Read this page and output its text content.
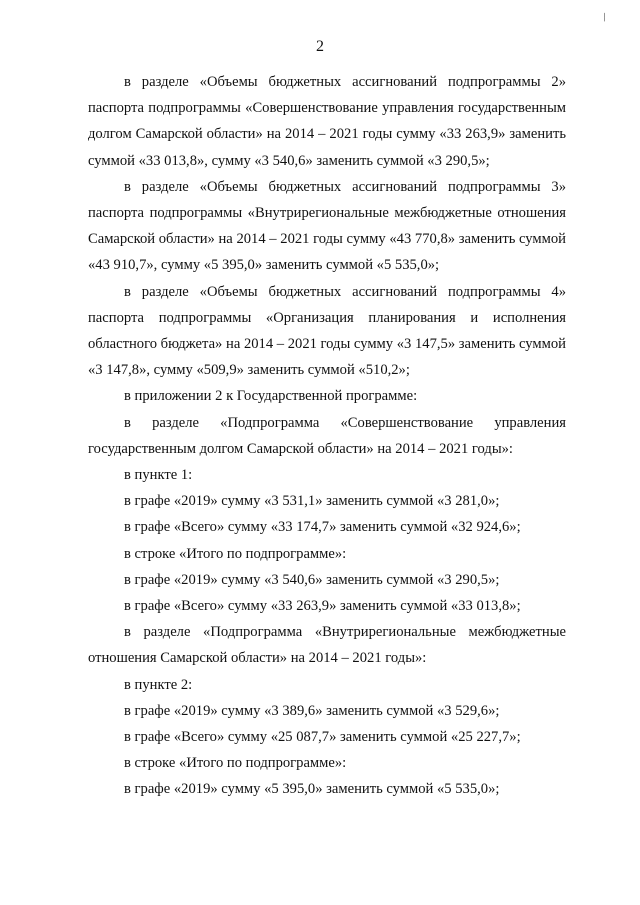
/
2

в разделе «Объемы бюджетных ассигнований подпрограммы 2» паспорта подпрограммы «Совершенствование управления государственным долгом Самарской области» на 2014 – 2021 годы сумму «33 263,9» заменить суммой «33 013,8», сумму «3 540,6» заменить суммой «3 290,5»;

в разделе «Объемы бюджетных ассигнований подпрограммы 3» паспорта подпрограммы «Внутрирегиональные межбюджетные отношения Самарской области» на 2014 – 2021 годы сумму «43 770,8» заменить суммой «43 910,7», сумму «5 395,0» заменить суммой «5 535,0»;

в разделе «Объемы бюджетных ассигнований подпрограммы 4» паспорта подпрограммы «Организация планирования и исполнения областного бюджета» на 2014 – 2021 годы сумму «3 147,5» заменить суммой «3 147,8», сумму «509,9» заменить суммой «510,2»;

в приложении 2 к Государственной программе:

в разделе «Подпрограмма «Совершенствование управления государственным долгом Самарской области» на 2014 – 2021 годы»:

в пункте 1:

в графе «2019» сумму «3 531,1» заменить суммой «3 281,0»;

в графе «Всего» сумму «33 174,7» заменить суммой «32 924,6»;

в строке «Итого по подпрограмме»:

в графе «2019» сумму «3 540,6» заменить суммой «3 290,5»;

в графе «Всего» сумму «33 263,9» заменить суммой «33 013,8»;

в разделе «Подпрограмма «Внутрирегиональные межбюджетные отношения Самарской области» на 2014 – 2021 годы»:

в пункте 2:

в графе «2019» сумму «3 389,6» заменить суммой «3 529,6»;

в графе «Всего» сумму «25 087,7» заменить суммой «25 227,7»;

в строке «Итого по подпрограмме»:

в графе «2019» сумму «5 395,0» заменить суммой «5 535,0»;
